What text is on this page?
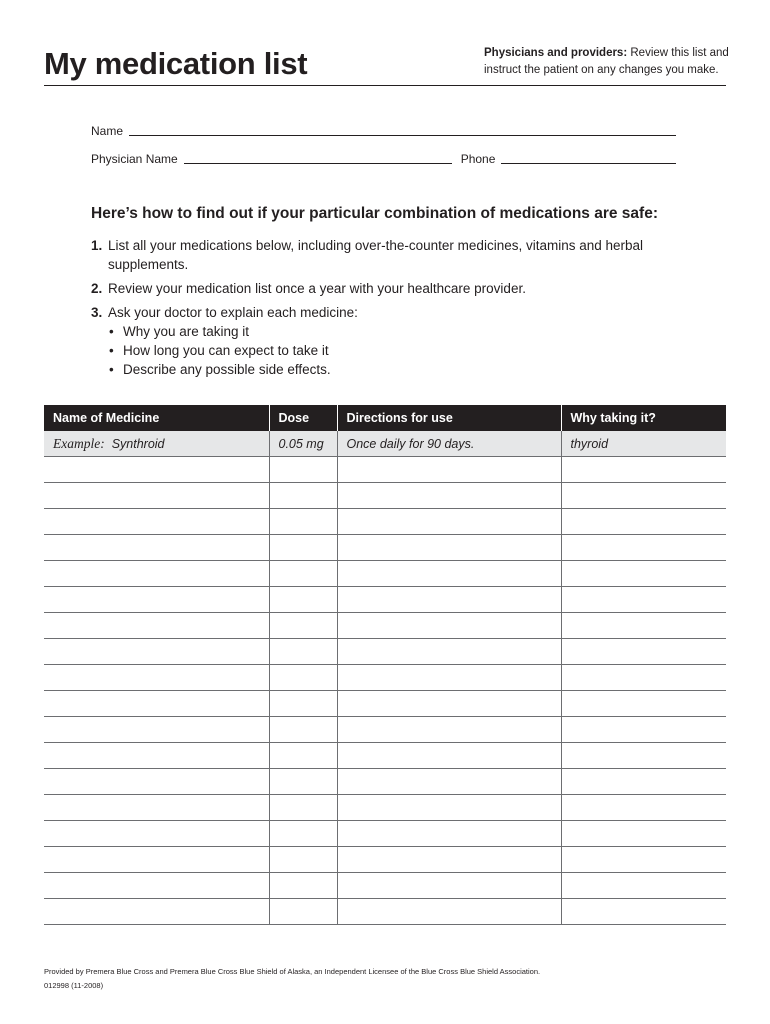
My medication list	Physicians and providers: Review this list and instruct the patient on any changes you make.
Name
Physician Name	Phone
Here’s how to find out if your particular combination of medications are safe:
1. List all your medications below, including over-the-counter medicines, vitamins and herbal supplements.
2. Review your medication list once a year with your healthcare provider.
3. Ask your doctor to explain each medicine:
• Why you are taking it
• How long you can expect to take it
• Describe any possible side effects.
Name of Medicine	Dose	Directions for use	Why taking it?
Example: Synthroid	0.05 mg	Once daily for 90 days.	thyroid

Provided by Premera Blue Cross and Premera Blue Cross Blue Shield of Alaska, an Independent Licensee of the Blue Cross Blue Shield Association.
012998 (11-2008)
